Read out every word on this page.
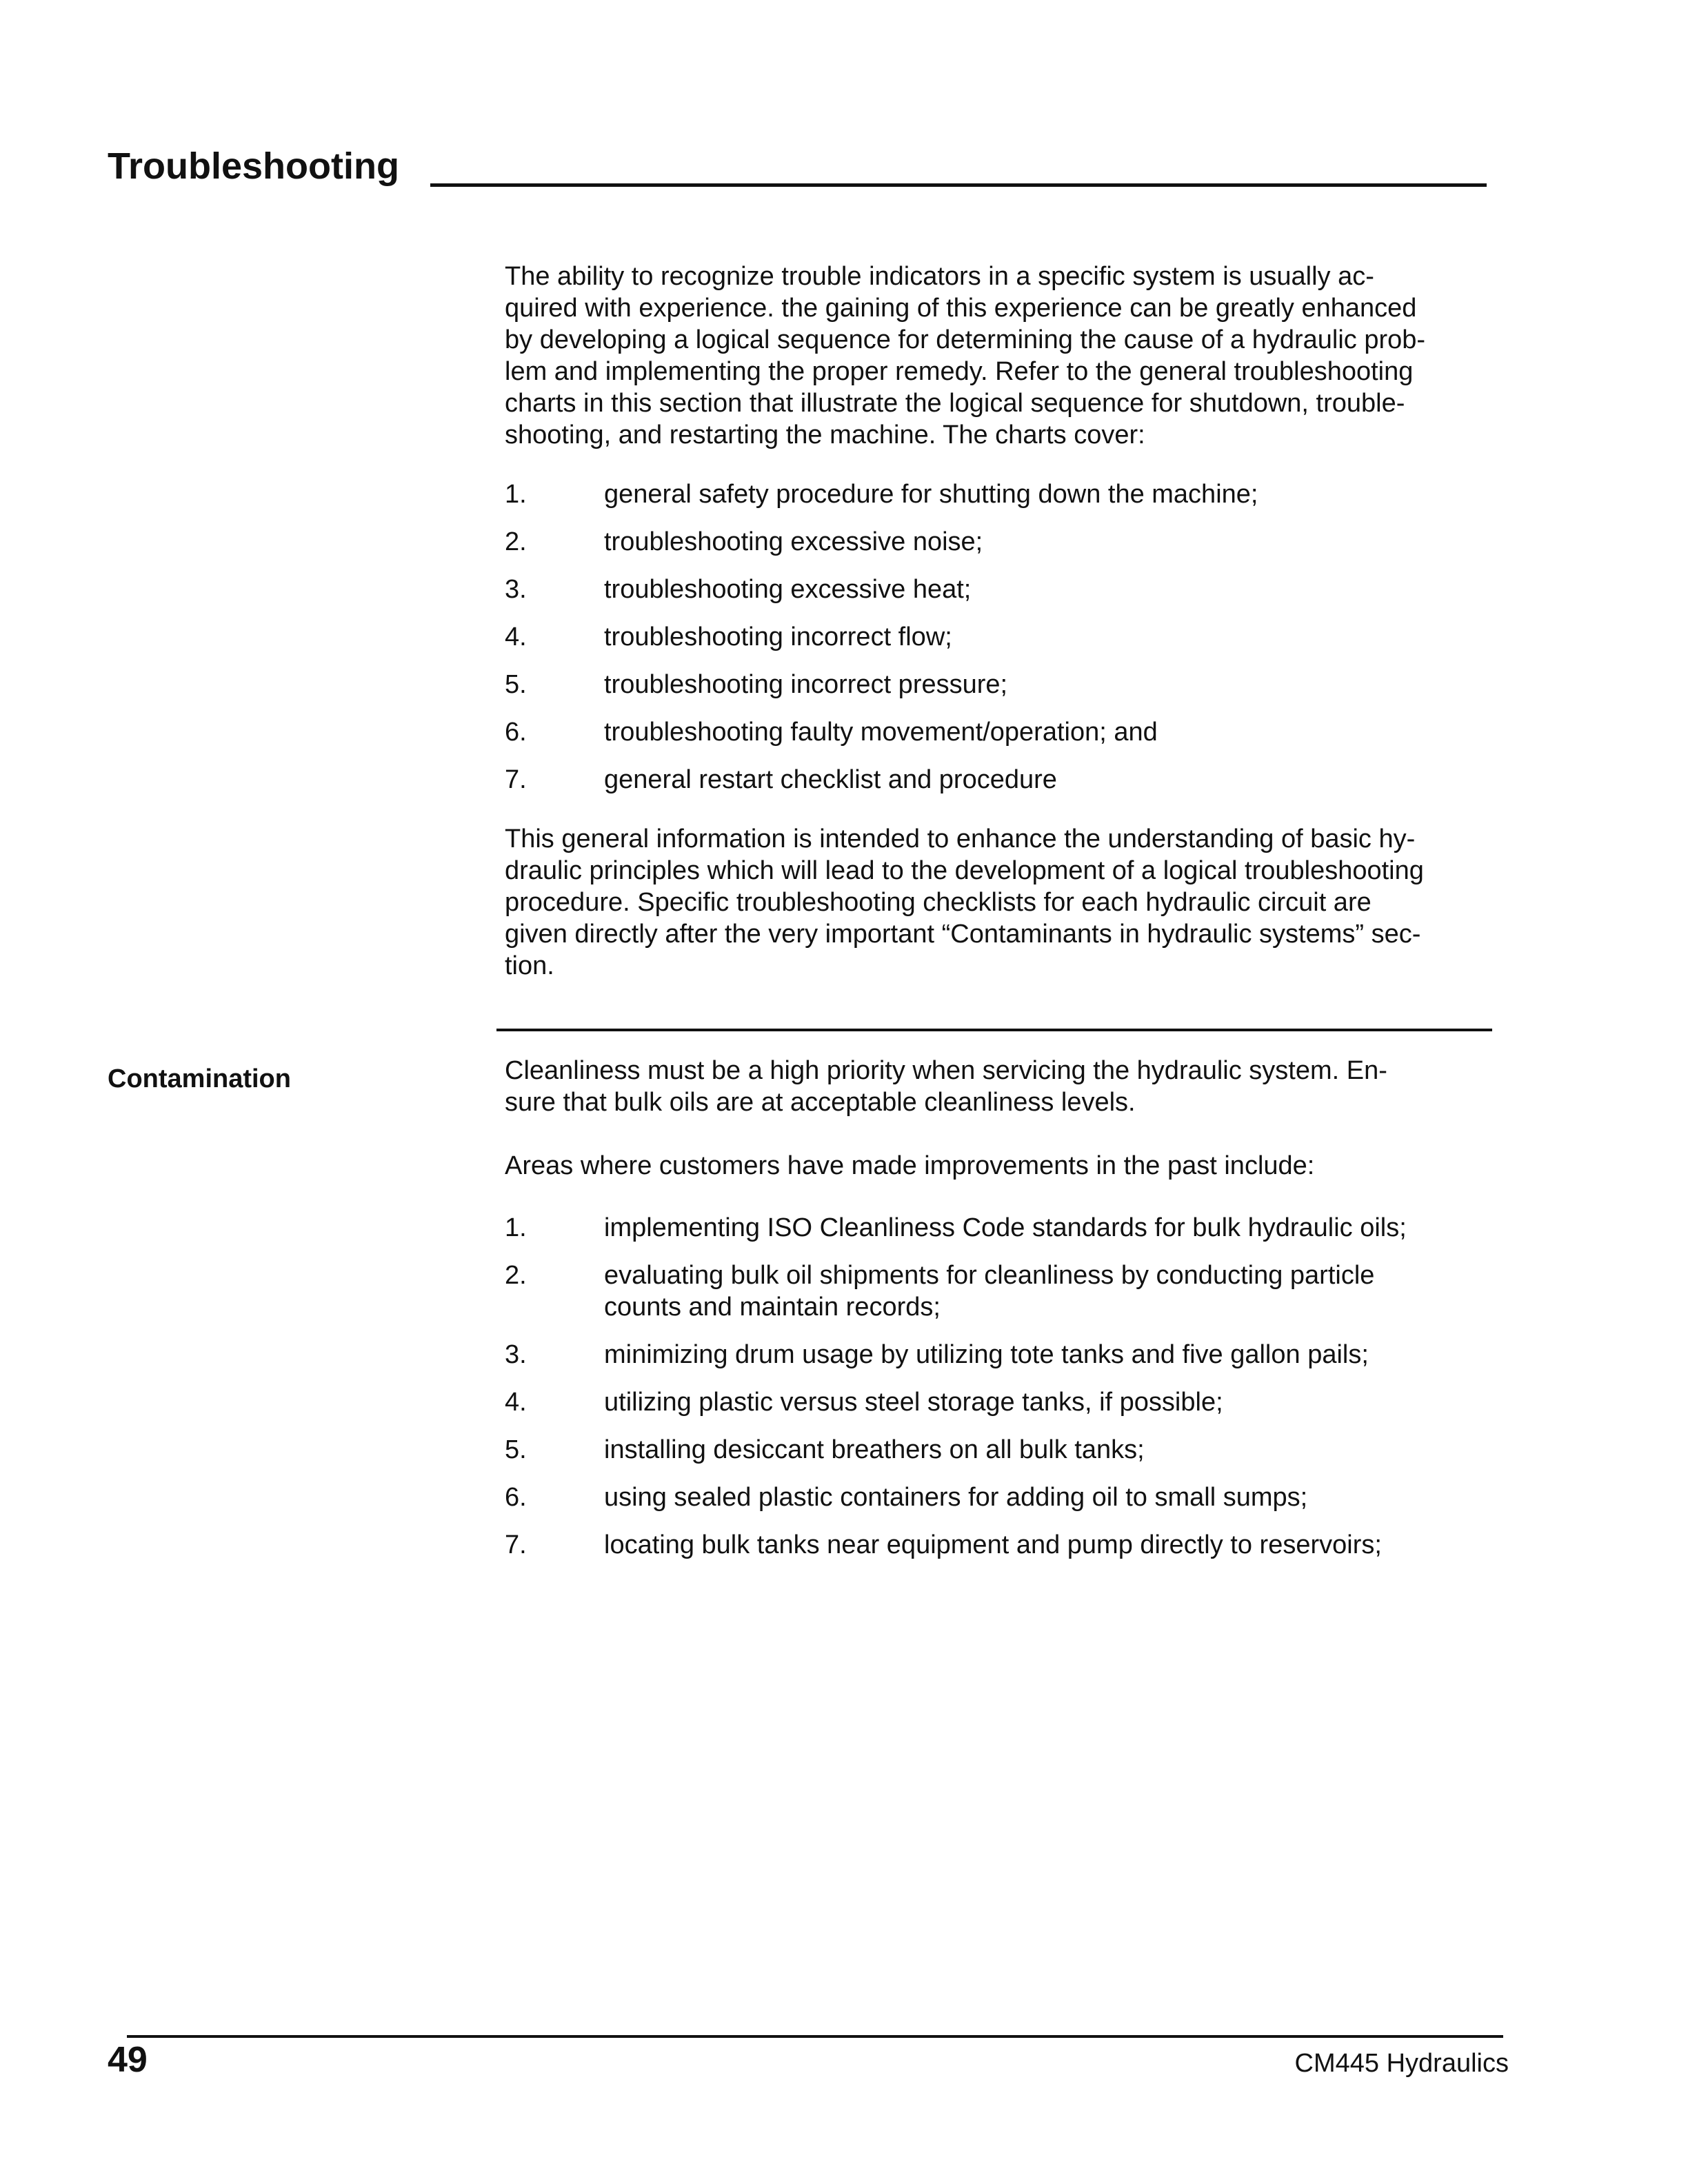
Troubleshooting

The ability to recognize trouble indicators in a specific system is usually ac-
quired with experience. the gaining of this experience can be greatly enhanced
by developing a logical sequence for determining the cause of a hydraulic prob-
lem and implementing the proper remedy. Refer to the general troubleshooting
charts in this section that illustrate the logical sequence for shutdown, trouble-
shooting, and restarting the machine. The charts cover:

1.	general safety procedure for shutting down the machine;
2.	troubleshooting excessive noise;
3.	troubleshooting excessive heat;
4.	troubleshooting incorrect flow;
5.	troubleshooting incorrect pressure;
6.	troubleshooting faulty movement/operation; and
7.	general restart checklist and procedure

This general information is intended to enhance the understanding of basic hy-
draulic principles which will lead to the development of a logical troubleshooting
procedure. Specific troubleshooting checklists for each hydraulic circuit are
given directly after the very important “Contaminants in hydraulic systems” sec-
tion.

Contamination	Cleanliness must be a high priority when servicing the hydraulic system. En-
sure that bulk oils are at acceptable cleanliness levels.

Areas where customers have made improvements in the past include:

1.	implementing ISO Cleanliness Code standards for bulk hydraulic oils;
2.	evaluating bulk oil shipments for cleanliness by conducting particle
counts and maintain records;
3.	minimizing drum usage by utilizing tote tanks and five gallon pails;
4.	utilizing plastic versus steel storage tanks, if possible;
5.	installing desiccant breathers on all bulk tanks;
6.	using sealed plastic containers for adding oil to small sumps;
7.	locating bulk tanks near equipment and pump directly to reservoirs;
49	CM445 Hydraulics
